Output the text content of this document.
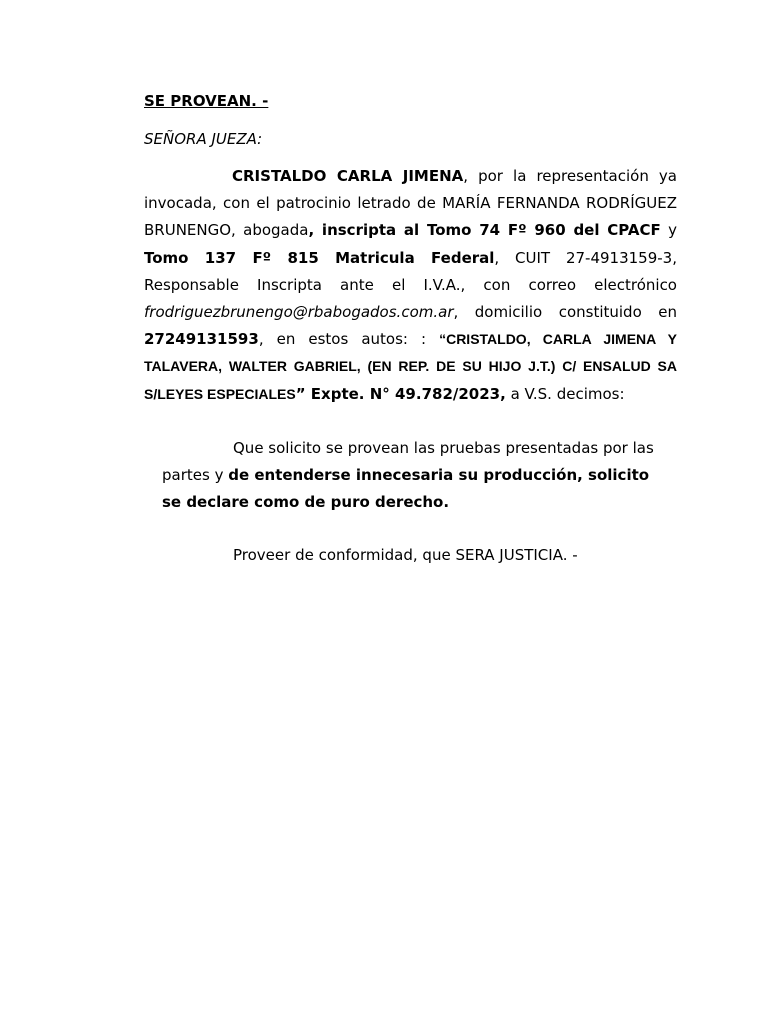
SE PROVEAN. -

SEÑORA JUEZA:

CRISTALDO CARLA JIMENA, por la representación ya invocada, con el patrocinio letrado de MARÍA FERNANDA RODRÍGUEZ BRUNENGO, abogada, inscripta al Tomo 74 Fº 960 del CPACF y Tomo 137 Fº 815 Matricula Federal, CUIT 27-4913159-3, Responsable Inscripta ante el I.V.A., con correo electrónico frodriguezbrunengo@rbabogados.com.ar, domicilio constituido en 27249131593, en estos autos: : “CRISTALDO, CARLA JIMENA Y TALAVERA, WALTER GABRIEL, (EN REP. DE SU HIJO J.T.) C/ ENSALUD SA S/LEYES ESPECIALES” Expte. N° 49.782/2023, a V.S. decimos:

Que solicito se provean las pruebas presentadas por las partes y de entenderse innecesaria su producción, solicito se declare como de puro derecho.

Proveer de conformidad, que SERA JUSTICIA. -
